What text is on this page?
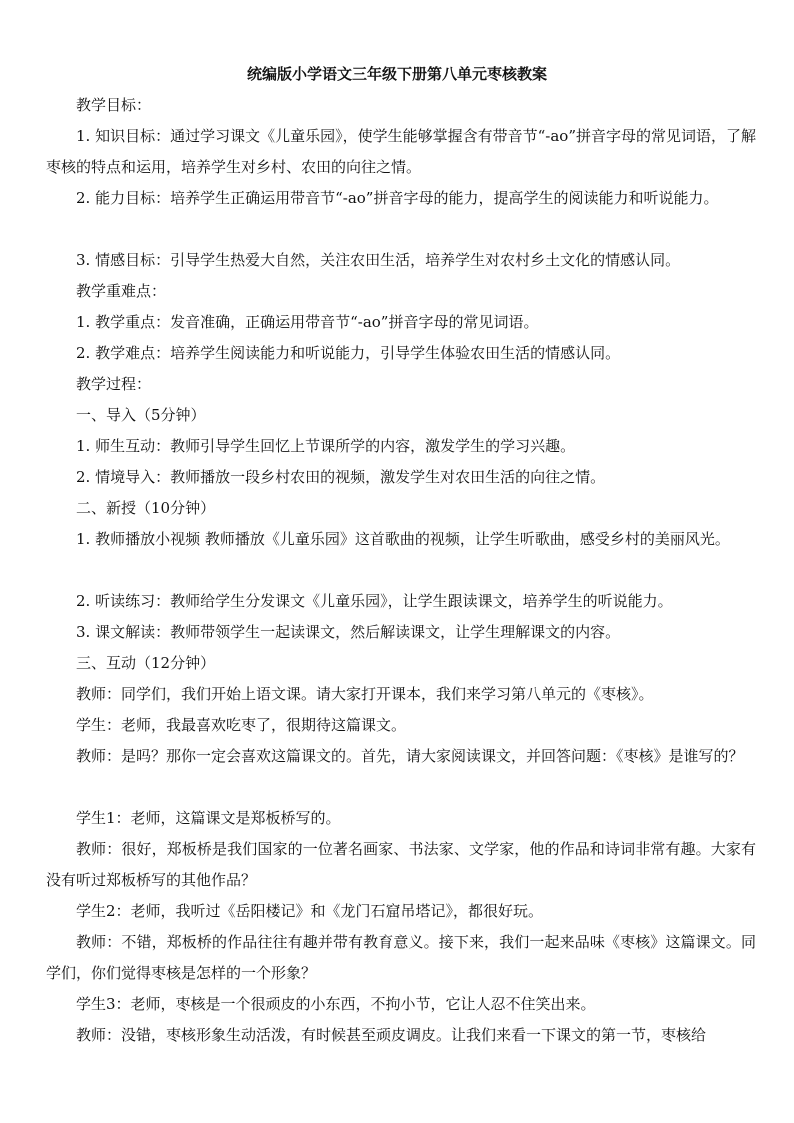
统编版小学语文三年级下册第八单元枣核教案

教学目标：

1. 知识目标：通过学习课文《儿童乐园》，使学生能够掌握含有带音节“-ao”拼音字母的常见词语，了解枣核的特点和运用，培养学生对乡村、农田的向往之情。

2. 能力目标：培养学生正确运用带音节“-ao”拼音字母的能力，提高学生的阅读能力和听说能力。

3. 情感目标：引导学生热爱大自然，关注农田生活，培养学生对农村乡土文化的情感认同。

教学重难点：

1. 教学重点：发音准确，正确运用带音节“-ao”拼音字母的常见词语。

2. 教学难点：培养学生阅读能力和听说能力，引导学生体验农田生活的情感认同。

教学过程：

一、导入（5分钟）

1. 师生互动：教师引导学生回忆上节课所学的内容，激发学生的学习兴趣。

2. 情境导入：教师播放一段乡村农田的视频，激发学生对农田生活的向往之情。

二、新授（10分钟）

1. 教师播放小视频 教师播放《儿童乐园》这首歌曲的视频，让学生听歌曲，感受乡村的美丽风光。

2. 听读练习：教师给学生分发课文《儿童乐园》，让学生跟读课文，培养学生的听说能力。

3. 课文解读：教师带领学生一起读课文，然后解读课文，让学生理解课文的内容。

三、互动（12分钟）

教师：同学们，我们开始上语文课。请大家打开课本，我们来学习第八单元的《枣核》。

学生：老师，我最喜欢吃枣了，很期待这篇课文。

教师：是吗？那你一定会喜欢这篇课文的。首先，请大家阅读课文，并回答问题：《枣核》是谁写的？

学生1：老师，这篇课文是郑板桥写的。

教师：很好，郑板桥是我们国家的一位著名画家、书法家、文学家，他的作品和诗词非常有趣。大家有没有听过郑板桥写的其他作品？

学生2：老师，我听过《岳阳楼记》和《龙门石窟吊塔记》，都很好玩。

教师：不错，郑板桥的作品往往有趣并带有教育意义。接下来，我们一起来品味《枣核》这篇课文。同学们，你们觉得枣核是怎样的一个形象？

学生3：老师，枣核是一个很顽皮的小东西，不拘小节，它让人忍不住笑出来。

教师：没错，枣核形象生动活泼，有时候甚至顽皮调皮。让我们来看一下课文的第一节，枣核给
